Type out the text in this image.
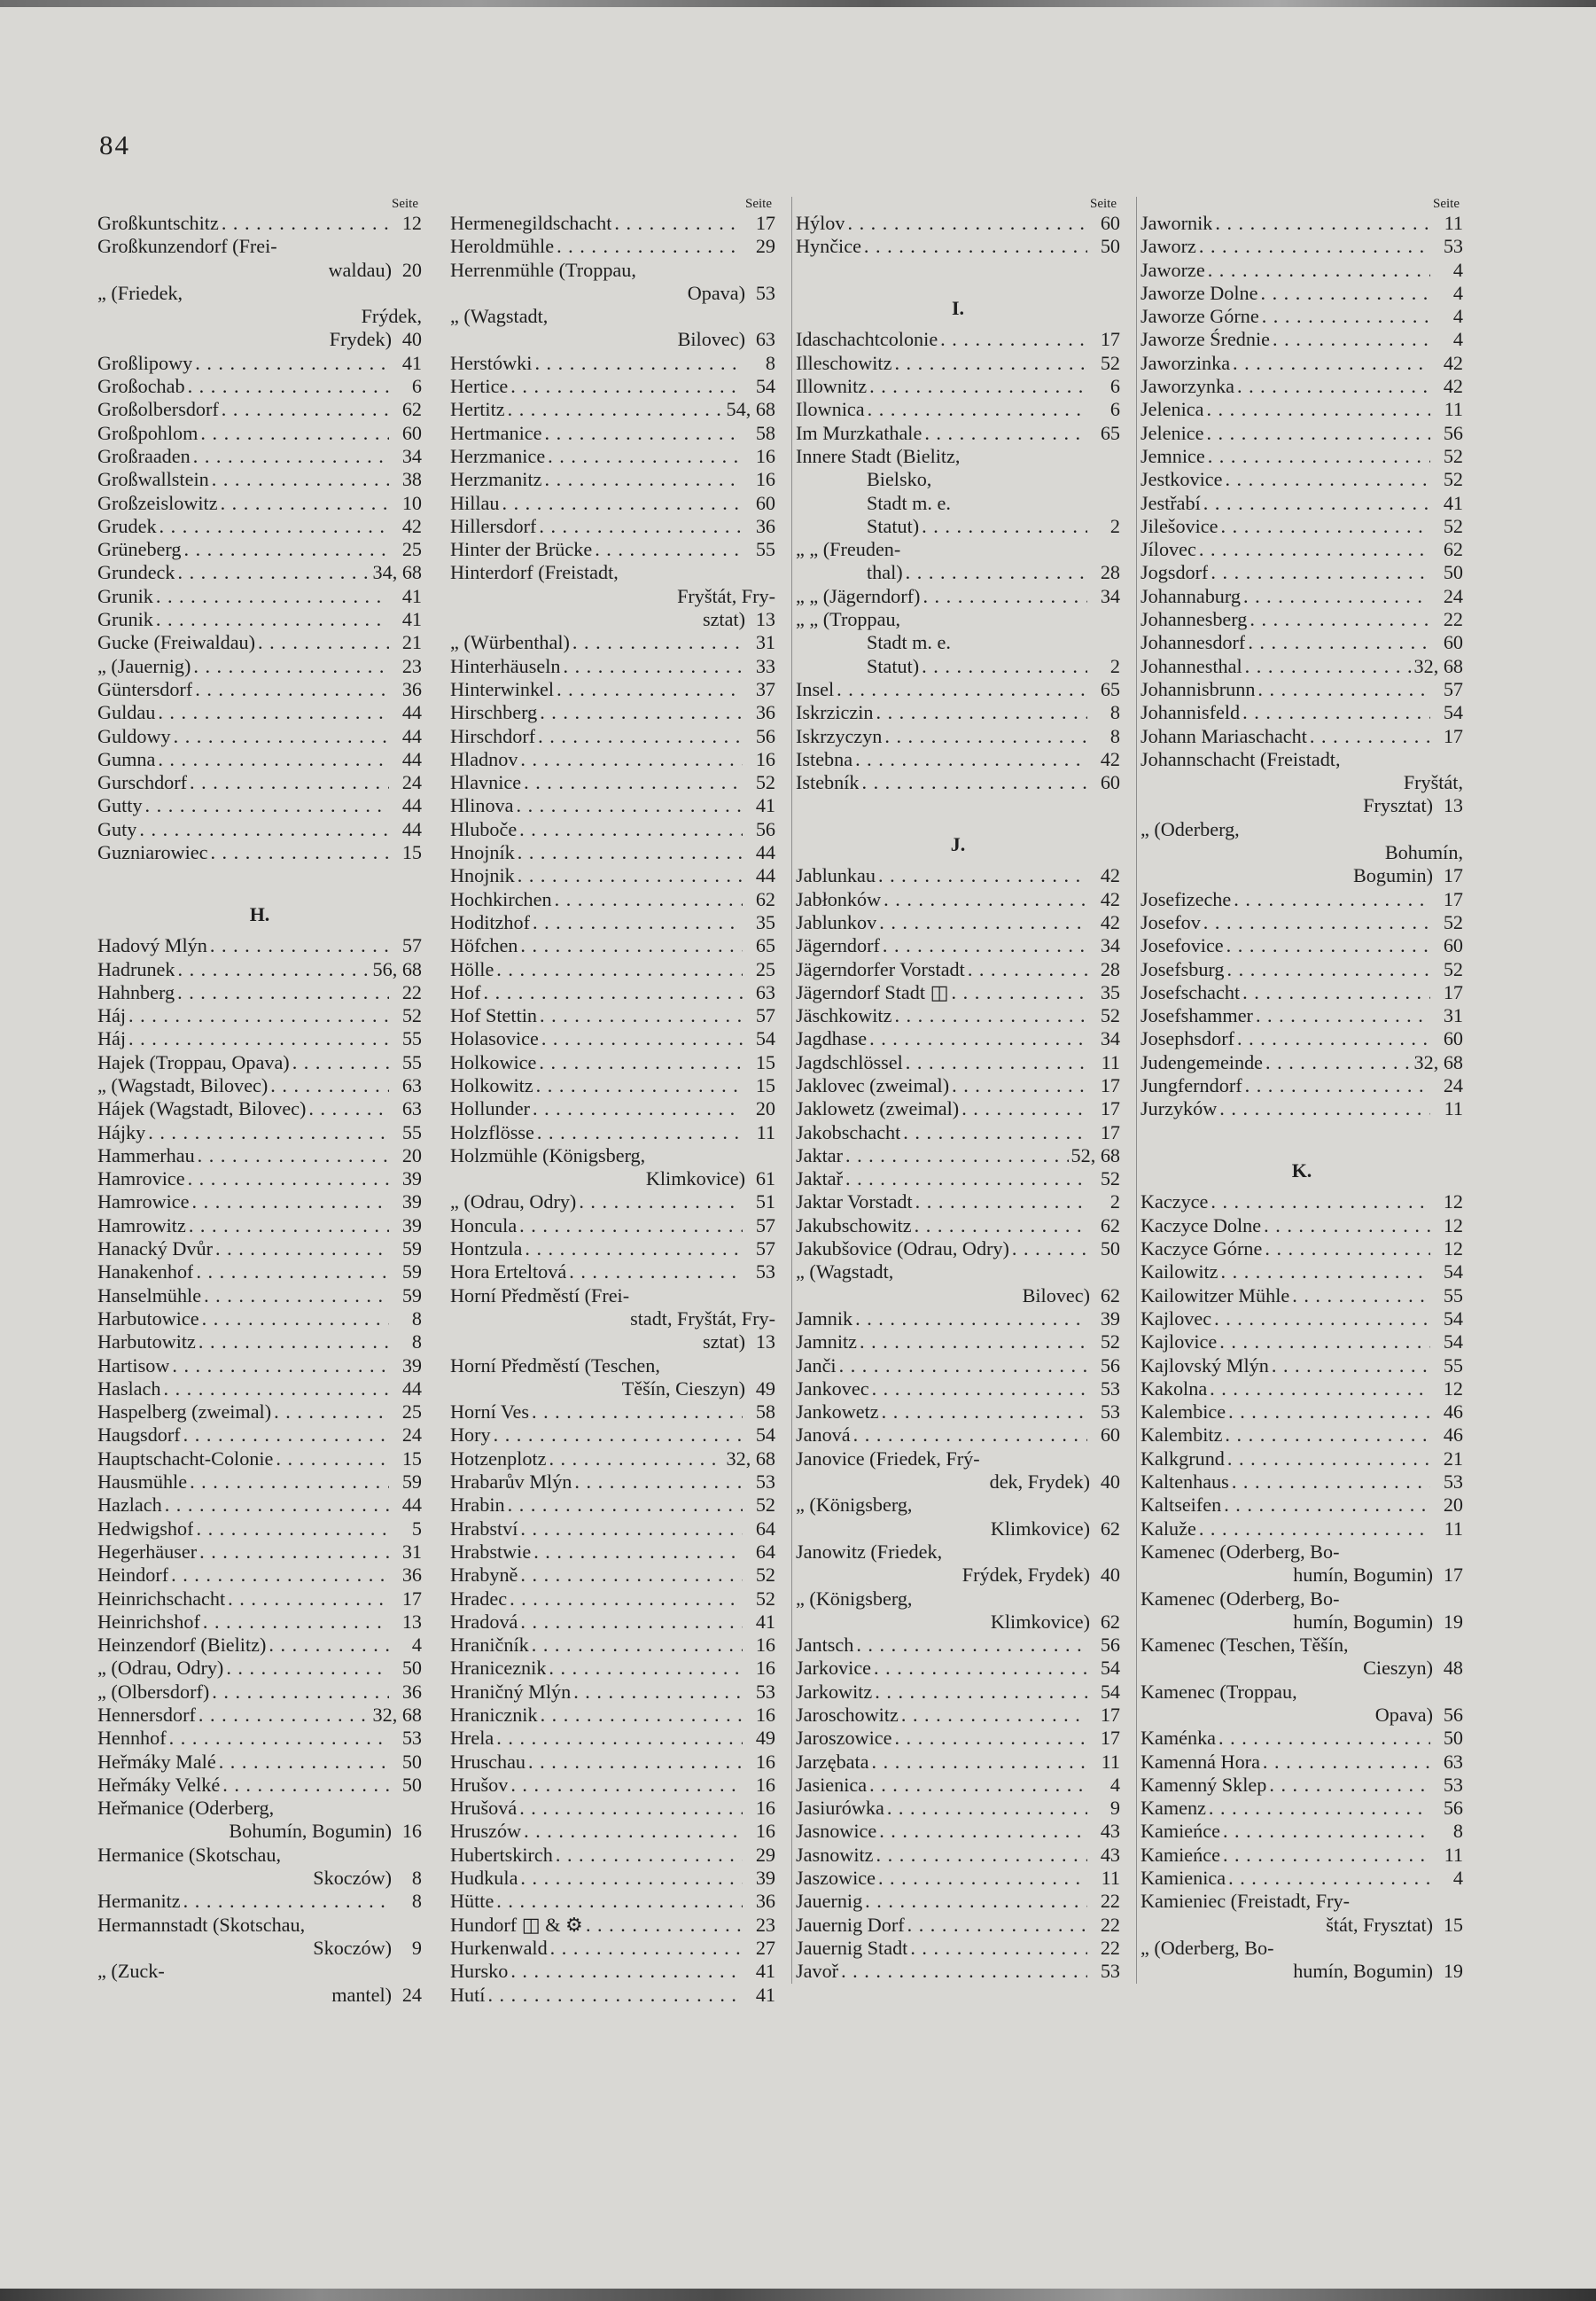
84
Seite
Großkuntschitz . . .	12
Großkunzendorf (Frei-
waldau) 20
„ (Friedek,
Frýdek,
Frydek) 40
Großlipowy . . .	41
Großochab . . .	6
Großolbersdorf . . .	62
Großpohlom . . .	60
Großraaden . . .	34
Großwallstein . . .	38
Großzeislowitz . . .	10
Grudek . . .	42
Grüneberg . . .	25
Grundeck . . .	34, 68
Grunik . . .	41
Grunik . . .	41
Gucke (Freiwaldau) . . .	21
„ (Jauernig) . . .	23
Güntersdorf . . .	36
Guldau . . .	44
Guldowy . . .	44
Gumna . . .	44
Gurschdorf . . .	24
Gutty . . .	44
Guty . . .	44
Guzniarowiec . . .	15
H.
Hadový Mlýn . . .	57
Hadrunek . . .	56, 68
Hahnberg . . .	22
Háj . . .	52
Háj . . .	55
Hajek (Troppau, Opava) . . .	55
„ (Wagstadt, Bilovec) . . .	63
Hájek (Wagstadt, Bilovec) . . .	63
Hájky . . .	55
Hammerhau . . .	20
Hamrovice . . .	39
Hamrowice . . .	39
Hamrowitz . . .	39
Hanacký Dvůr . . .	59
Hanakenhof . . .	59
Hanselmühle . . .	59
Harbutowice . . .	8
Harbutowitz . . .	8
Hartisow . . .	39
Haslach . . .	44
Haspelberg (zweimal) . . .	25
Haugsdorf . . .	24
Hauptschacht-Colonie . . .	15
Hausmühle . . .	59
Hazlach . . .	44
Hedwigshof . . .	5
Hegerhäuser . . .	31
Heindorf . . .	36
Heinrichschacht . . .	17
Heinrichshof . . .	13
Heinzendorf (Bielitz) . . .	4
„ (Odrau, Odry) . . .	50
„ (Olbersdorf) . . .	36
Hennersdorf . . .	32, 68
Hennhof . . .	53
Heřmáky Malé . . .	50
Heřmáky Velké . . .	50
Heřmanice (Oderberg,
Bohumín, Bogumin) 16
Hermanice (Skotschau,
Skoczów)	8
Hermanitz . . .	8
Hermannstadt (Skotschau,
Skoczów)	9
„ (Zuck-
mantel) 24
Seite
Hermenegildschacht . . .	17
Heroldmühle . . .	29
Herrenmühle (Troppau,
Opava) 53
„ (Wagstadt,
Bilovec) 63
Herstówki . . .	8
Hertice . . .	54
Hertitz . . .	54, 68
Hertmanice . . .	58
Herzmanice . . .	16
Herzmanitz . . .	16
Hillau . . .	60
Hillersdorf . . .	36
Hinter der Brücke . . .	55
Hinterdorf (Freistadt,
Fryštát, Fry-
sztat) 13
„ (Würbenthal) . . .	31
Hinterhäuseln . . .	33
Hinterwinkel . . .	37
Hirschberg . . .	36
Hirschdorf . . .	56
Hladnov . . .	16
Hlavnice . . .	52
Hlinova . . .	41
Hluboče . . .	56
Hnojník . . .	44
Hnojnik . . .	44
Hochkirchen . . .	62
Hoditzhof . . .	35
Höfchen . . .	65
Hölle . . .	25
Hof . . .	63
Hof Stettin . . .	57
Holasovice . . .	54
Holkowice . . .	15
Holkowitz . . .	15
Hollunder . . .	20
Holzflösse . . .	11
Holzmühle (Königsberg,
Klimkovice) 61
„ (Odrau, Odry) . . .	51
Honcula . . .	57
Hontzula . . .	57
Hora Erteltová . . .	53
Horní Předměstí (Frei-
stadt, Fryštát, Fry-
sztat) 13
Horní Předměstí (Teschen,
Těšín, Cieszyn) 49
Horní Ves . . .	58
Hory . . .	54
Hotzenplotz . . .	32, 68
Hrabarův Mlýn . . .	53
Hrabin . . .	52
Hrabství . . .	64
Hrabstwie . . .	64
Hrabyně . . .	52
Hradec . . .	52
Hradová . . .	41
Hraničník . . .	16
Hraniceznik . . .	16
Hraničný Mlýn . . .	53
Hranicznik . . .	16
Hrela . . .	49
Hruschau . . .	16
Hrušov . . .	16
Hrušová . . .	16
Hruszów . . .	16
Hubertskirch . . .	29
Hudkula . . .	39
Hütte . . .	36
Hundorf ◫ & ⚙ . . .	23
Hurkenwald . . .	27
Hursko . . .	41
Hutí . . .	41
Seite
Hýlov . . .	60
Hynčice . . .	50
I.
Idaschachtcolonie . . .	17
Illeschowitz . . .	52
Illownitz . . .	6
Ilownica . . .	6
Im Murzkathale . . .	65
Innere Stadt (Bielitz,
Bielsko,
Stadt m. e.
Statut) . . .	2
„ „ (Freuden-
thal) . . .	28
„ „ (Jägerndorf) . . .	34
„ „ (Troppau,
Stadt m. e.
Statut) . . .	2
Insel . . .	65
Iskrziczin . . .	8
Iskrzyczyn . . .	8
Istebna . . .	42
Istebník . . .	60
J.
Jablunkau . . .	42
Jabłonków . . .	42
Jablunkov . . .	42
Jägerndorf . . .	34
Jägerndorfer Vorstadt . . .	28
Jägerndorf Stadt ◫ . . .	35
Jäschkowitz . . .	52
Jagdhase . . .	34
Jagdschlössel . . .	11
Jaklovec (zweimal) . . .	17
Jaklowetz (zweimal) . . .	17
Jakobschacht . . .	17
Jaktar . . .	52, 68
Jaktař . . .	52
Jaktar Vorstadt . . .	2
Jakubschowitz . . .	62
Jakubšovice (Odrau, Odry) . . .	50
„ (Wagstadt,
Bilovec) 62
Jamnik . . .	39
Jamnitz . . .	52
Janči . . .	56
Jankovec . . .	53
Jankowetz . . .	53
Janová . . .	60
Janovice (Friedek, Frý-
dek, Frydek) 40
„ (Königsberg,
Klimkovice) 62
Janowitz (Friedek,
Frýdek, Frydek) 40
„ (Königsberg,
Klimkovice) 62
Jantsch . . .	56
Jarkovice . . .	54
Jarkowitz . . .	54
Jaroschowitz . . .	17
Jaroszowice . . .	17
Jarzębata . . .	11
Jasienica . . .	4
Jasiurówka . . .	9
Jasnowice . . .	43
Jasnowitz . . .	43
Jaszowice . . .	11
Jauernig . . .	22
Jauernig Dorf . . .	22
Jauernig Stadt . . .	22
Javoř . . .	53
Seite
Jawornik . . .	11
Jaworz . . .	53
Jaworze . . .	4
Jaworze Dolne . . .	4
Jaworze Górne . . .	4
Jaworze Średnie . . .	4
Jaworzinka . . .	42
Jaworzynka . . .	42
Jelenica . . .	11
Jelenice . . .	56
Jemnice . . .	52
Jestkovice . . .	52
Jestřabí . . .	41
Jilešovice . . .	52
Jílovec . . .	62
Jogsdorf . . .	50
Johannaburg . . .	24
Johannesberg . . .	22
Johannesdorf . . .	60
Johannesthal . . .	32, 68
Johannisbrunn . . .	57
Johannisfeld . . .	54
Johann Mariaschacht . . .	17
Johannschacht (Freistadt,
Fryštát,
Frysztat) 13
„ (Oderberg,
Bohumín,
Bogumin) 17
Josefizeche . . .	17
Josefov . . .	52
Josefovice . . .	60
Josefsburg . . .	52
Josefschacht . . .	17
Josefshammer . . .	31
Josephsdorf . . .	60
Judengemeinde . . .	32, 68
Jungferndorf . . .	24
Jurzyków . . .	11
K.
Kaczyce . . .	12
Kaczyce Dolne . . .	12
Kaczyce Górne . . .	12
Kailowitz . . .	54
Kailowitzer Mühle . . .	55
Kajlovec . . .	54
Kajlovice . . .	54
Kajlovský Mlýn . . .	55
Kakolna . . .	12
Kalembice . . .	46
Kalembitz . . .	46
Kalkgrund . . .	21
Kaltenhaus . . .	53
Kaltseifen . . .	20
Kaluže . . .	11
Kamenec (Oderberg, Bo-
humín, Bogumin) 17
Kamenec (Oderberg, Bo-
humín, Bogumin) 19
Kamenec (Teschen, Těšín,
Cieszyn) 48
Kamenec (Troppau,
Opava) 56
Kaménka . . .	50
Kamenná Hora . . .	63
Kamenný Sklep . . .	53
Kamenz . . .	56
Kamieńce . . .	8
Kamieńce . . .	11
Kamienica . . .	4
Kamieniec (Freistadt, Fry-
štát, Frysztat) 15
„ (Oderberg, Bo-
humín, Bogumin) 19
